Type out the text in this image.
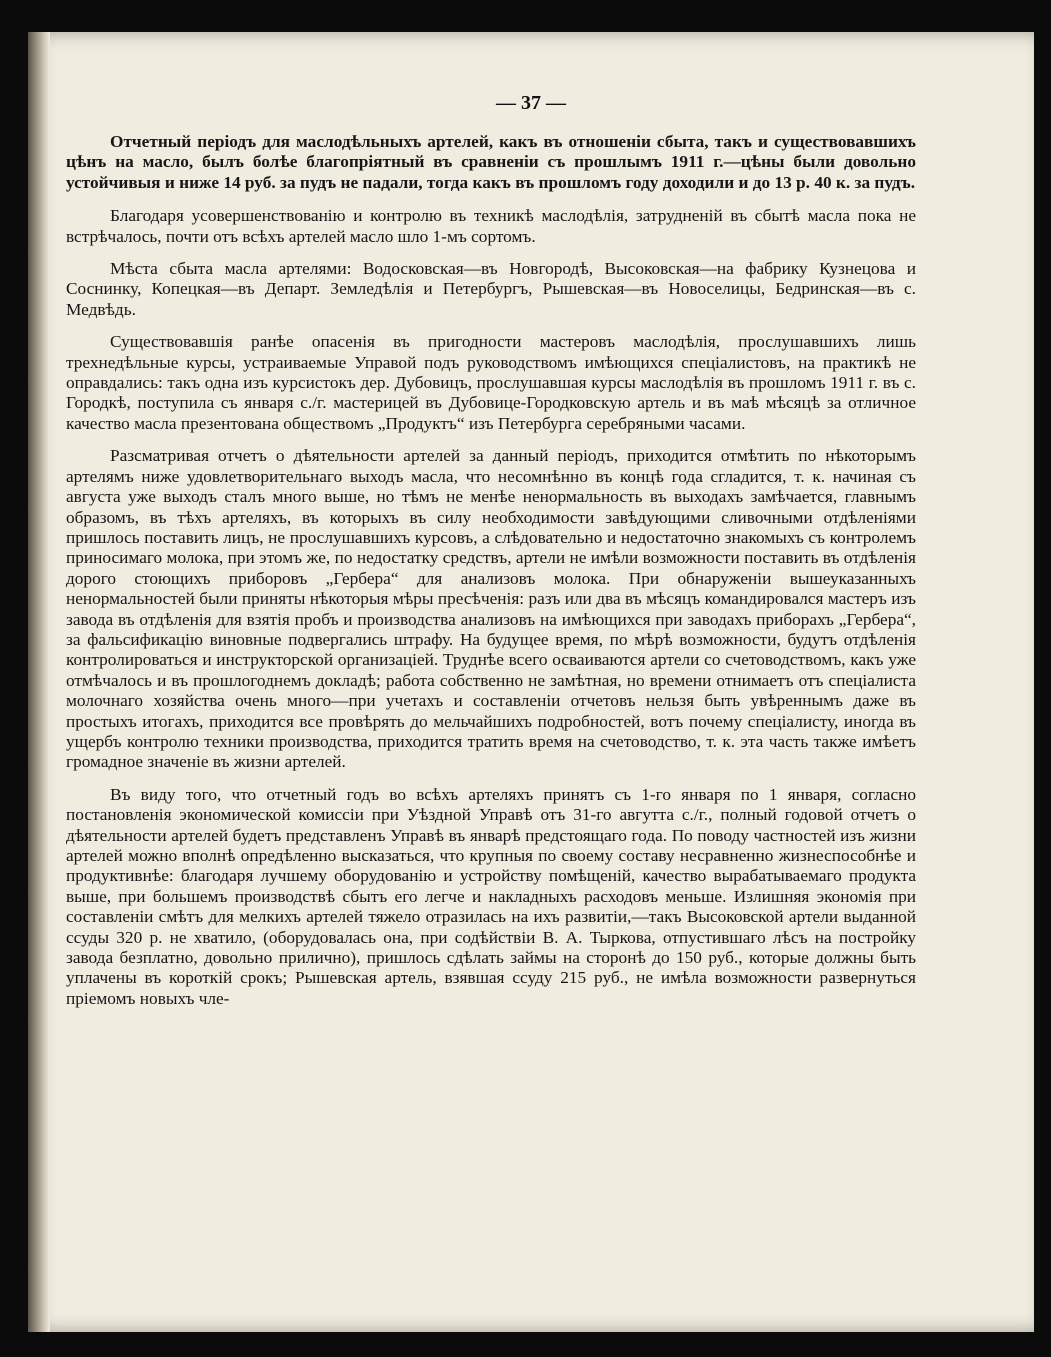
— 37 —

Отчетный періодъ для маслодѣльныхъ артелей, какъ въ отношеніи сбыта, такъ и существовавшихъ цѣнъ на масло, былъ болѣе благопріятный въ сравненіи съ прошлымъ 1911 г.—цѣны были довольно устойчивыя и ниже 14 руб. за пудъ не падали, тогда какъ въ прошломъ году доходили и до 13 р. 40 к. за пудъ.

Благодаря усовершенствованію и контролю въ техникѣ маслодѣлія, затрудненій въ сбытѣ масла пока не встрѣчалось, почти отъ всѣхъ артелей масло шло 1-мъ сортомъ.

Мѣста сбыта масла артелями: Водосковская—въ Новгородѣ, Высоковская—на фабрику Кузнецова и Соснинку, Копецкая—въ Департ. Земледѣлія и Петербургъ, Рышевская—въ Новоселицы, Бедринская—въ с. Медвѣдь.

Существовавшія ранѣе опасенія въ пригодности мастеровъ маслодѣлія, прослушавшихъ лишь трехнедѣльные курсы, устраиваемые Управой подъ руководствомъ имѣющихся спеціалистовъ, на практикѣ не оправдались: такъ одна изъ курсистокъ дер. Дубовицъ, прослушавшая курсы маслодѣлія въ прошломъ 1911 г. въ с. Городкѣ, поступила съ января с./г. мастерицей въ Дубовице-Городковскую артель и въ маѣ мѣсяцѣ за отличное качество масла презентована обществомъ „Продуктъ“ изъ Петербурга серебряными часами.

Разсматривая отчетъ о дѣятельности артелей за данный періодъ, приходится отмѣтить по нѣкоторымъ артелямъ ниже удовлетворительнаго выходъ масла, что несомнѣнно въ концѣ года сгладится, т. к. начиная съ августа уже выходъ сталъ много выше, но тѣмъ не менѣе ненормальность въ выходахъ замѣчается, главнымъ образомъ, въ тѣхъ артеляхъ, въ которыхъ въ силу необходимости завѣдующими сливочными отдѣленіями пришлось поставить лицъ, не прослушавшихъ курсовъ, а слѣдовательно и недостаточно знакомыхъ съ контролемъ приносимаго молока, при этомъ же, по недостатку средствъ, артели не имѣли возможности поставить въ отдѣленія дорого стоющихъ приборовъ „Гербера“ для анализовъ молока. При обнаруженіи вышеуказанныхъ ненормальностей были приняты нѣкоторыя мѣры пресѣченія: разъ или два въ мѣсяцъ командировался мастеръ изъ завода въ отдѣленія для взятія пробъ и производства анализовъ на имѣющихся при заводахъ приборахъ „Гербера“, за фальсификацію виновные подвергались штрафу. На будущее время, по мѣрѣ возможности, будутъ отдѣленія контролироваться и инструкторской организаціей. Труднѣе всего осваиваются артели со счетоводствомъ, какъ уже отмѣчалось и въ прошлогоднемъ докладѣ; работа собственно не замѣтная, но времени отнимаетъ отъ спеціалиста молочнаго хозяйства очень много—при учетахъ и составленіи отчетовъ нельзя быть увѣреннымъ даже въ простыхъ итогахъ, приходится все провѣрять до мельчайшихъ подробностей, вотъ почему спеціалисту, иногда въ ущербъ контролю техники производства, приходится тратить время на счетоводство, т. к. эта часть также имѣетъ громадное значеніе въ жизни артелей.

Въ виду того, что отчетный годъ во всѣхъ артеляхъ принятъ съ 1-го января по 1 января, согласно постановленія экономической комиссіи при Уѣздной Управѣ отъ 31-го авгутта с./г., полный годовой отчетъ о дѣятельности артелей будетъ представленъ Управѣ въ январѣ предстоящаго года. По поводу частностей изъ жизни артелей можно вполнѣ опредѣленно высказаться, что крупныя по своему составу несравненно жизнеспособнѣе и продуктивнѣе: благодаря лучшему оборудованію и устройству помѣщеній, качество вырабатываемаго продукта выше, при большемъ производствѣ сбытъ его легче и накладныхъ расходовъ меньше. Излишняя экономія при составленіи смѣтъ для мелкихъ артелей тяжело отразилась на ихъ развитіи,—такъ Высоковской артели выданной ссуды 320 р. не хватило, (оборудовалась она, при содѣйствіи В. А. Тыркова, отпустившаго лѣсъ на постройку завода безплатно, довольно прилично), пришлось сдѣлать займы на сторонѣ до 150 руб., которые должны быть уплачены въ короткій срокъ; Рышевская артель, взявшая ссуду 215 руб., не имѣла возможности развернуться пріемомъ новыхъ чле-
